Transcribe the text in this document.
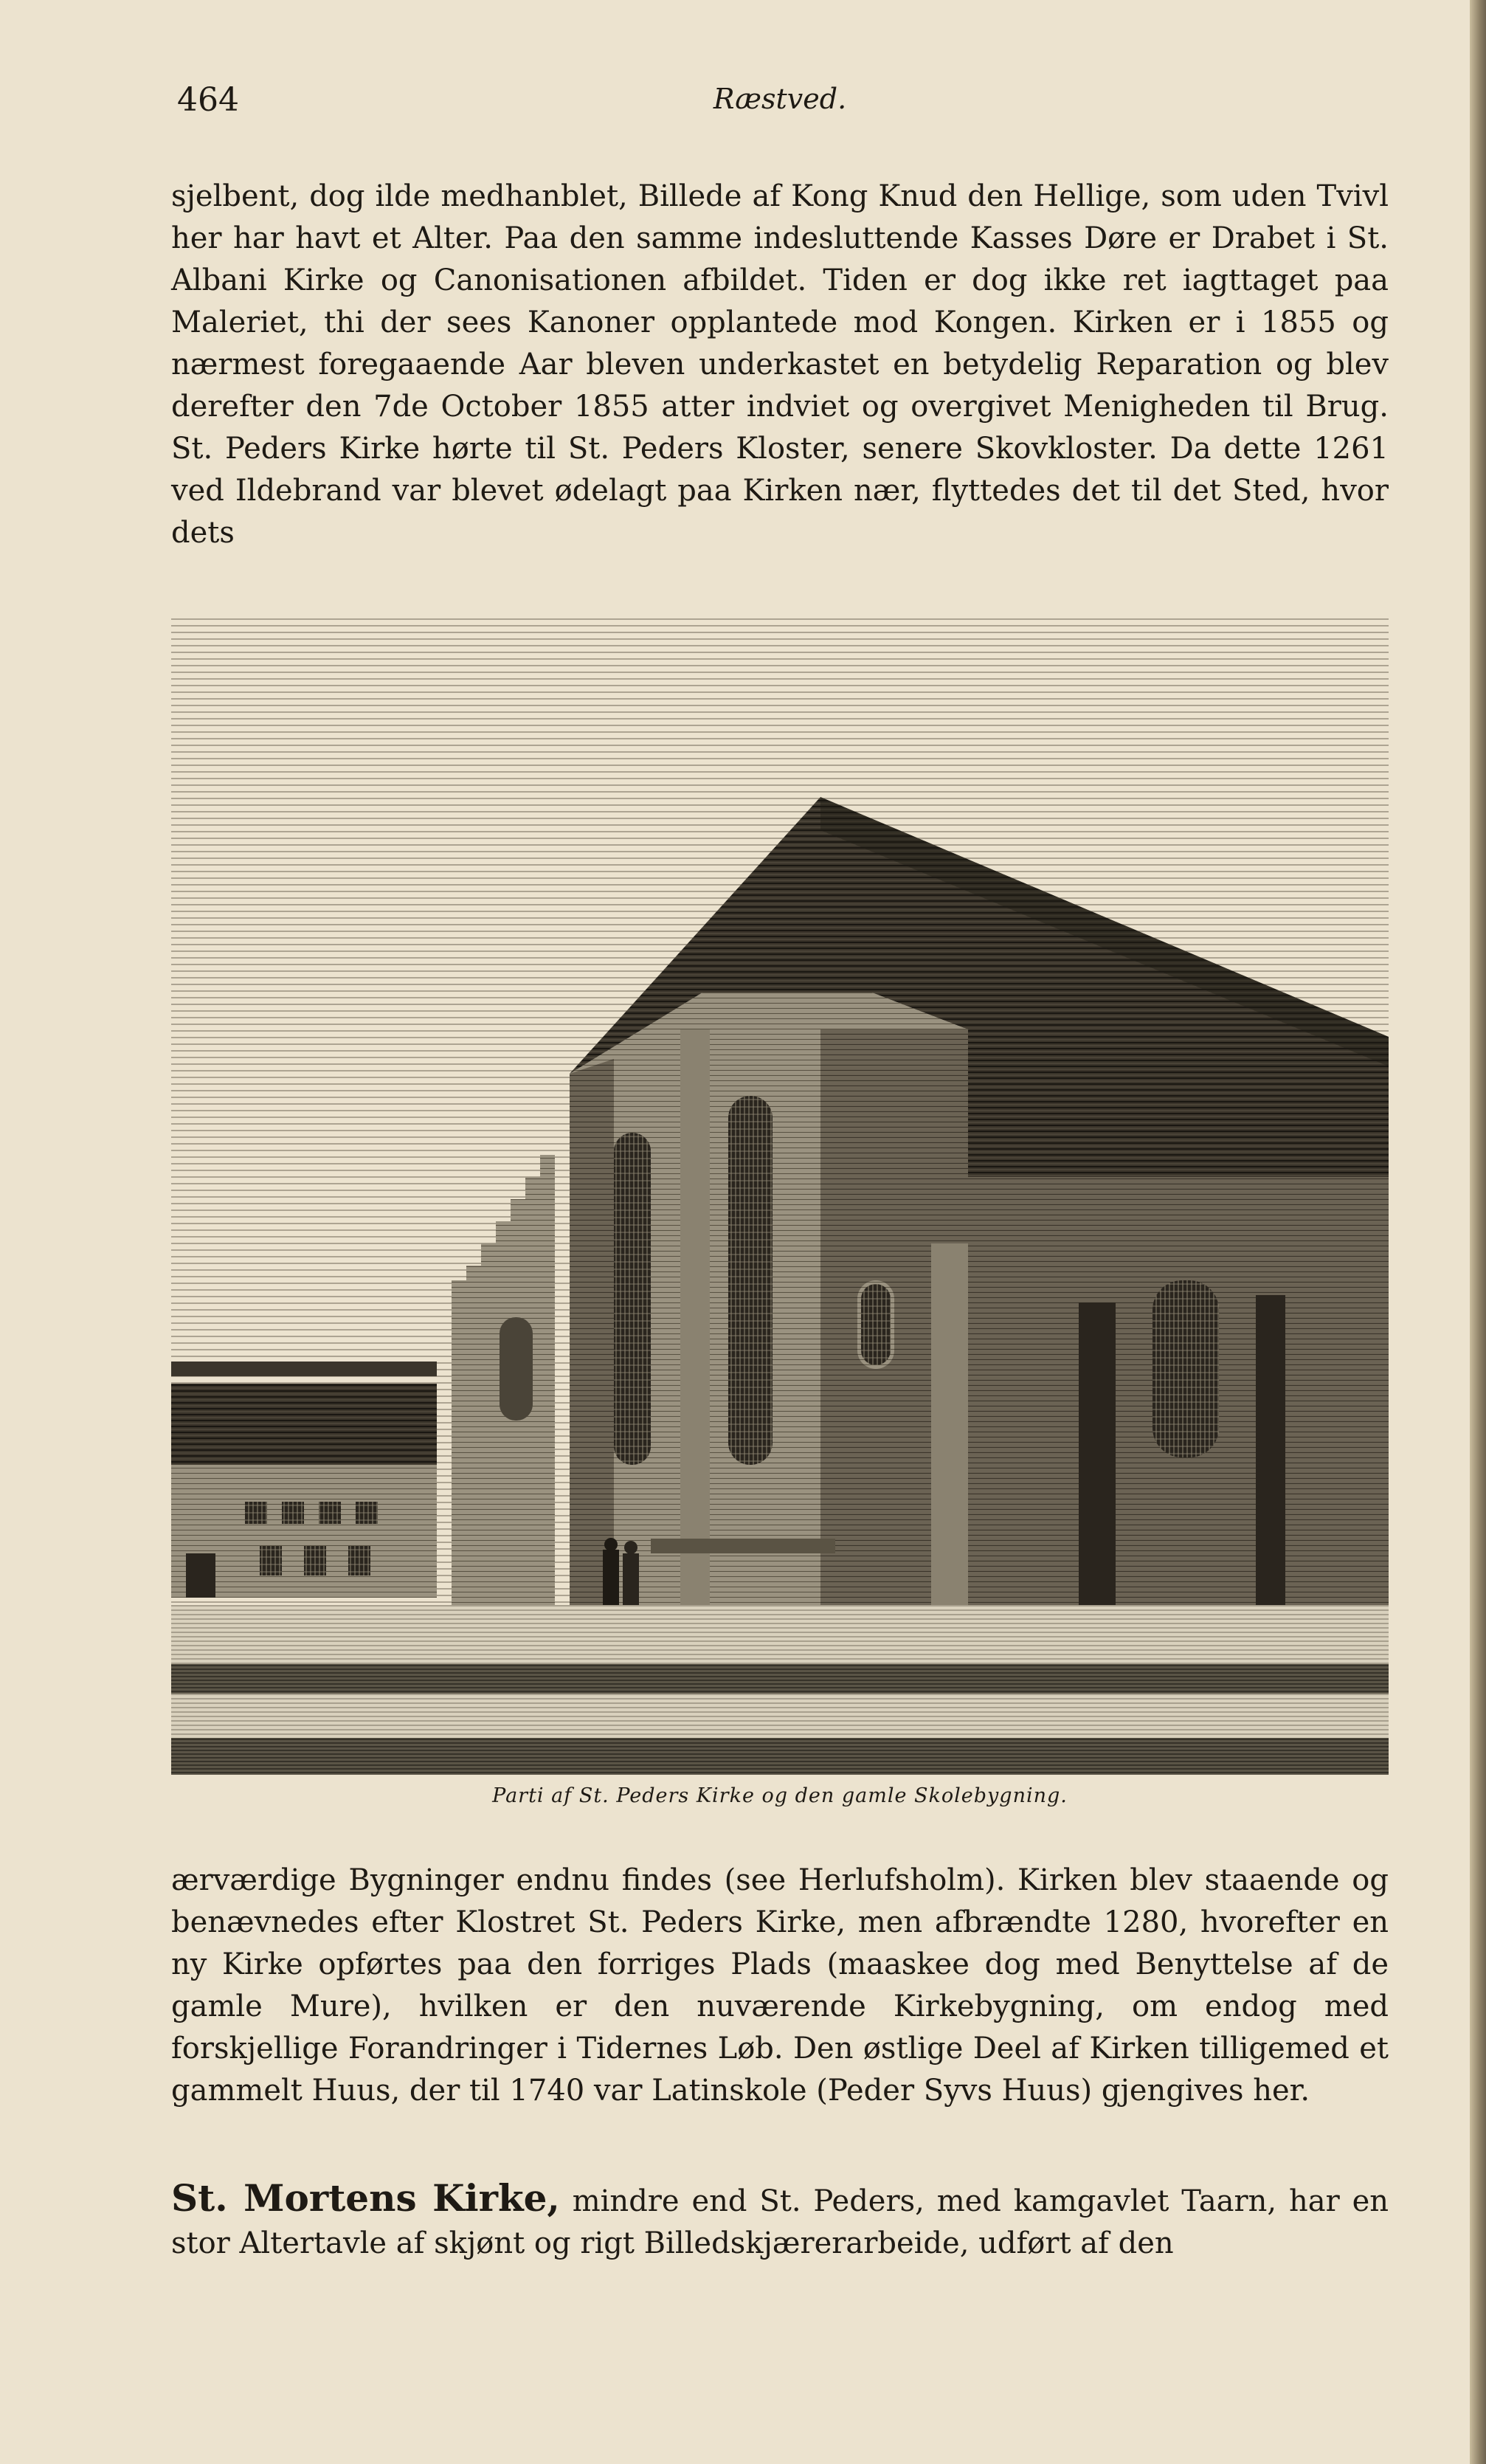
464	Ræstved.

sjelbent, dog ilde medhanblet, Billede af Kong Knud den Hellige, som uden Tvivl her har havt et Alter. Paa den samme indesluttende Kasses Døre er Drabet i St. Albani Kirke og Canonisationen afbildet. Tiden er dog ikke ret iagttaget paa Maleriet, thi der sees Kanoner opplantede mod Kongen. Kirken er i 1855 og nærmest foregaaende Aar bleven underkastet en betydelig Reparation og blev derefter den 7de October 1855 atter indviet og overgivet Menigheden til Brug. St. Peders Kirke hørte til St. Peders Kloster, senere Skovkloster. Da dette 1261 ved Ildebrand var blevet ødelagt paa Kirken nær, flyttedes det til det Sted, hvor dets

Parti af St. Peders Kirke og den gamle Skolebygning.

ærværdige Bygninger endnu findes (see Herlufsholm). Kirken blev staaende og benævnedes efter Klostret St. Peders Kirke, men afbrændte 1280, hvorefter en ny Kirke opførtes paa den forriges Plads (maaskee dog med Benyttelse af de gamle Mure), hvilken er den nuværende Kirkebygning, om endog med forskjellige Forandringer i Tidernes Løb. Den østlige Deel af Kirken tilligemed et gammelt Huus, der til 1740 var Latinskole (Peder Syvs Huus) gjengives her.

St. Mortens Kirke, mindre end St. Peders, med kamgavlet Taarn, har en stor Altertavle af skjønt og rigt Billedskjærerarbeide, udført af den
